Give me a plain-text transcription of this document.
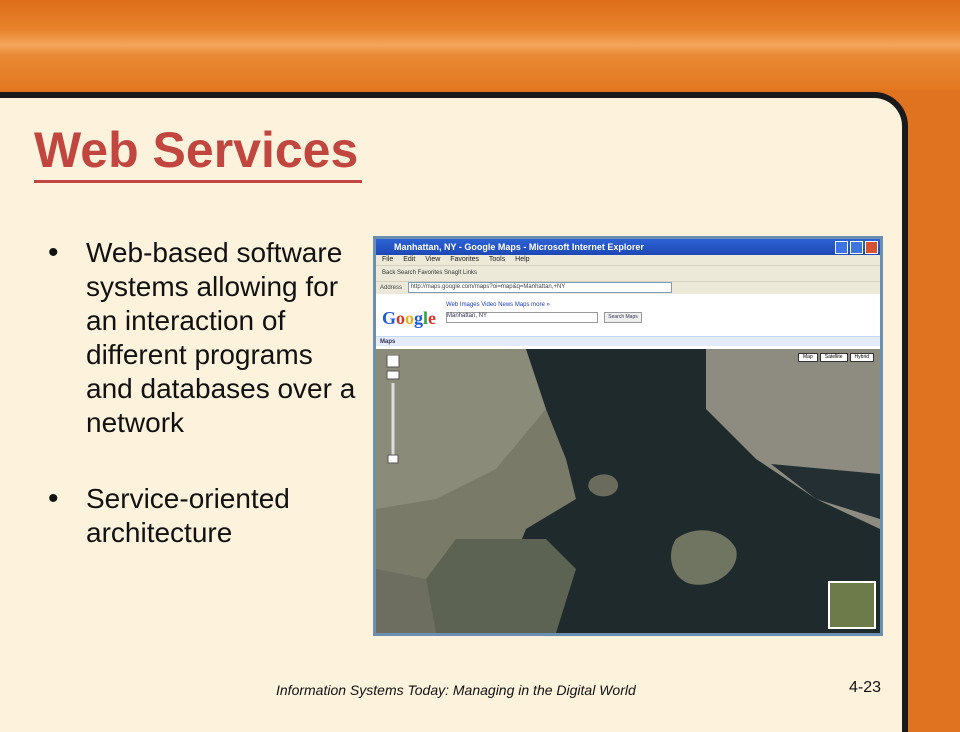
Web Services
• Web-based software systems allowing for an interaction of different programs and databases over a network
• Service-oriented architecture
Manhattan, NY - Google Maps - Microsoft Internet Explorer
File Edit View Favorites Tools Help
Back Search Favorites SnagIt Links
Address http://maps.google.com/maps?oi=map&q=Manhattan,+NY
Google
Web Images Video News Maps more »
Manhattan, NY	Search Maps
Maps
Map	Satellite	Hybrid
Information Systems Today: Managing in the Digital World	4-23
